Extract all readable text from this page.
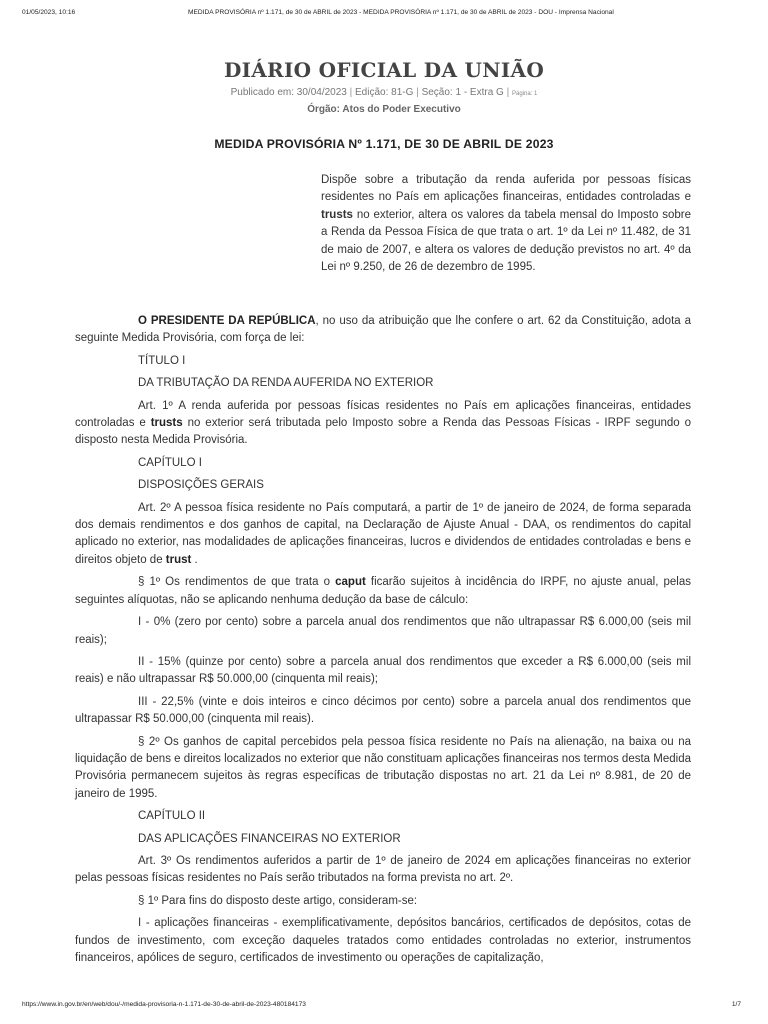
01/05/2023, 10:16	MEDIDA PROVISÓRIA nº 1.171, de 30 de ABRIL de 2023 - MEDIDA PROVISÓRIA nº 1.171, de 30 de ABRIL de 2023 - DOU - Imprensa Nacional
DIÁRIO OFICIAL DA UNIÃO
Publicado em: 30/04/2023 | Edição: 81-G | Seção: 1 - Extra G | Página: 1
Órgão: Atos do Poder Executivo
MEDIDA PROVISÓRIA Nº 1.171, DE 30 DE ABRIL DE 2023
Dispõe sobre a tributação da renda auferida por pessoas físicas residentes no País em aplicações financeiras, entidades controladas e trusts no exterior, altera os valores da tabela mensal do Imposto sobre a Renda da Pessoa Física de que trata o art. 1º da Lei nº 11.482, de 31 de maio de 2007, e altera os valores de dedução previstos no art. 4º da Lei nº 9.250, de 26 de dezembro de 1995.

O PRESIDENTE DA REPÚBLICA, no uso da atribuição que lhe confere o art. 62 da Constituição, adota a seguinte Medida Provisória, com força de lei:

TÍTULO I

DA TRIBUTAÇÃO DA RENDA AUFERIDA NO EXTERIOR

Art. 1º A renda auferida por pessoas físicas residentes no País em aplicações financeiras, entidades controladas e trusts no exterior será tributada pelo Imposto sobre a Renda das Pessoas Físicas - IRPF segundo o disposto nesta Medida Provisória.

CAPÍTULO I

DISPOSIÇÕES GERAIS

Art. 2º A pessoa física residente no País computará, a partir de 1º de janeiro de 2024, de forma separada dos demais rendimentos e dos ganhos de capital, na Declaração de Ajuste Anual - DAA, os rendimentos do capital aplicado no exterior, nas modalidades de aplicações financeiras, lucros e dividendos de entidades controladas e bens e direitos objeto de trust .

§ 1º Os rendimentos de que trata o caput ficarão sujeitos à incidência do IRPF, no ajuste anual, pelas seguintes alíquotas, não se aplicando nenhuma dedução da base de cálculo:

I - 0% (zero por cento) sobre a parcela anual dos rendimentos que não ultrapassar R$ 6.000,00 (seis mil reais);

II - 15% (quinze por cento) sobre a parcela anual dos rendimentos que exceder a R$ 6.000,00 (seis mil reais) e não ultrapassar R$ 50.000,00 (cinquenta mil reais);

III - 22,5% (vinte e dois inteiros e cinco décimos por cento) sobre a parcela anual dos rendimentos que ultrapassar R$ 50.000,00 (cinquenta mil reais).

§ 2º Os ganhos de capital percebidos pela pessoa física residente no País na alienação, na baixa ou na liquidação de bens e direitos localizados no exterior que não constituam aplicações financeiras nos termos desta Medida Provisória permanecem sujeitos às regras específicas de tributação dispostas no art. 21 da Lei nº 8.981, de 20 de janeiro de 1995.

CAPÍTULO II

DAS APLICAÇÕES FINANCEIRAS NO EXTERIOR

Art. 3º Os rendimentos auferidos a partir de 1º de janeiro de 2024 em aplicações financeiras no exterior pelas pessoas físicas residentes no País serão tributados na forma prevista no art. 2º.

§ 1º Para fins do disposto deste artigo, consideram-se:

I - aplicações financeiras - exemplificativamente, depósitos bancários, certificados de depósitos, cotas de fundos de investimento, com exceção daqueles tratados como entidades controladas no exterior, instrumentos financeiros, apólices de seguro, certificados de investimento ou operações de capitalização,

https://www.in.gov.br/en/web/dou/-/medida-provisoria-n-1.171-de-30-de-abril-de-2023-480184173	1/7
